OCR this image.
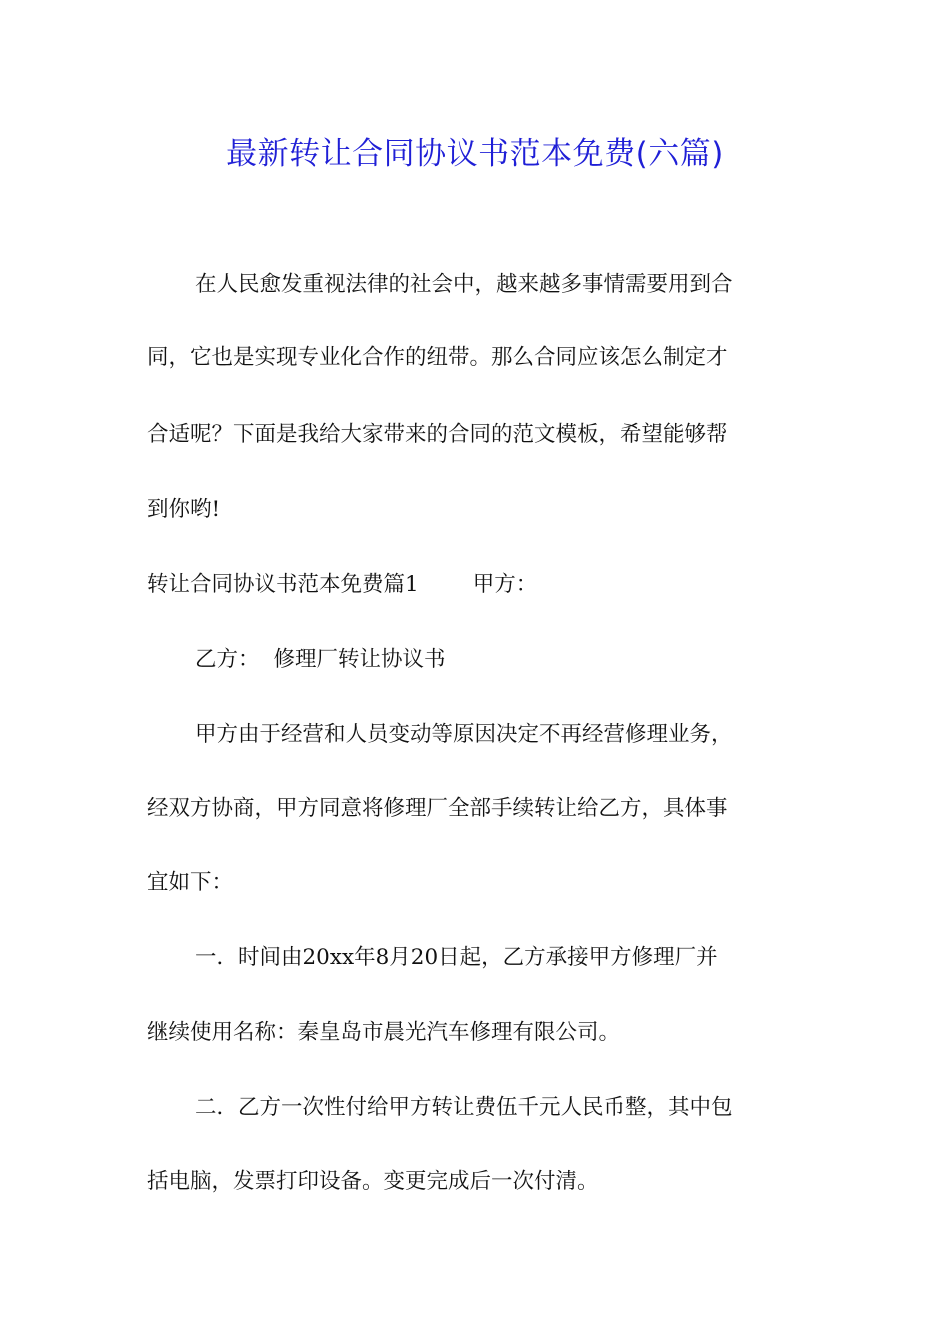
最新转让合同协议书范本免费(六篇)
在人民愈发重视法律的社会中，越来越多事情需要用到合
同，它也是实现专业化合作的纽带。那么合同应该怎么制定才
合适呢？下面是我给大家带来的合同的范文模板，希望能够帮
到你哟!
转让合同协议书范本免费篇1	甲方：
乙方： 修理厂转让协议书
甲方由于经营和人员变动等原因决定不再经营修理业务，
经双方协商，甲方同意将修理厂全部手续转让给乙方，具体事
宜如下：
一．时间由20xx年8月20日起，乙方承接甲方修理厂并
继续使用名称：秦皇岛市晨光汽车修理有限公司。
二．乙方一次性付给甲方转让费伍千元人民币整，其中包
括电脑，发票打印设备。变更完成后一次付清。
